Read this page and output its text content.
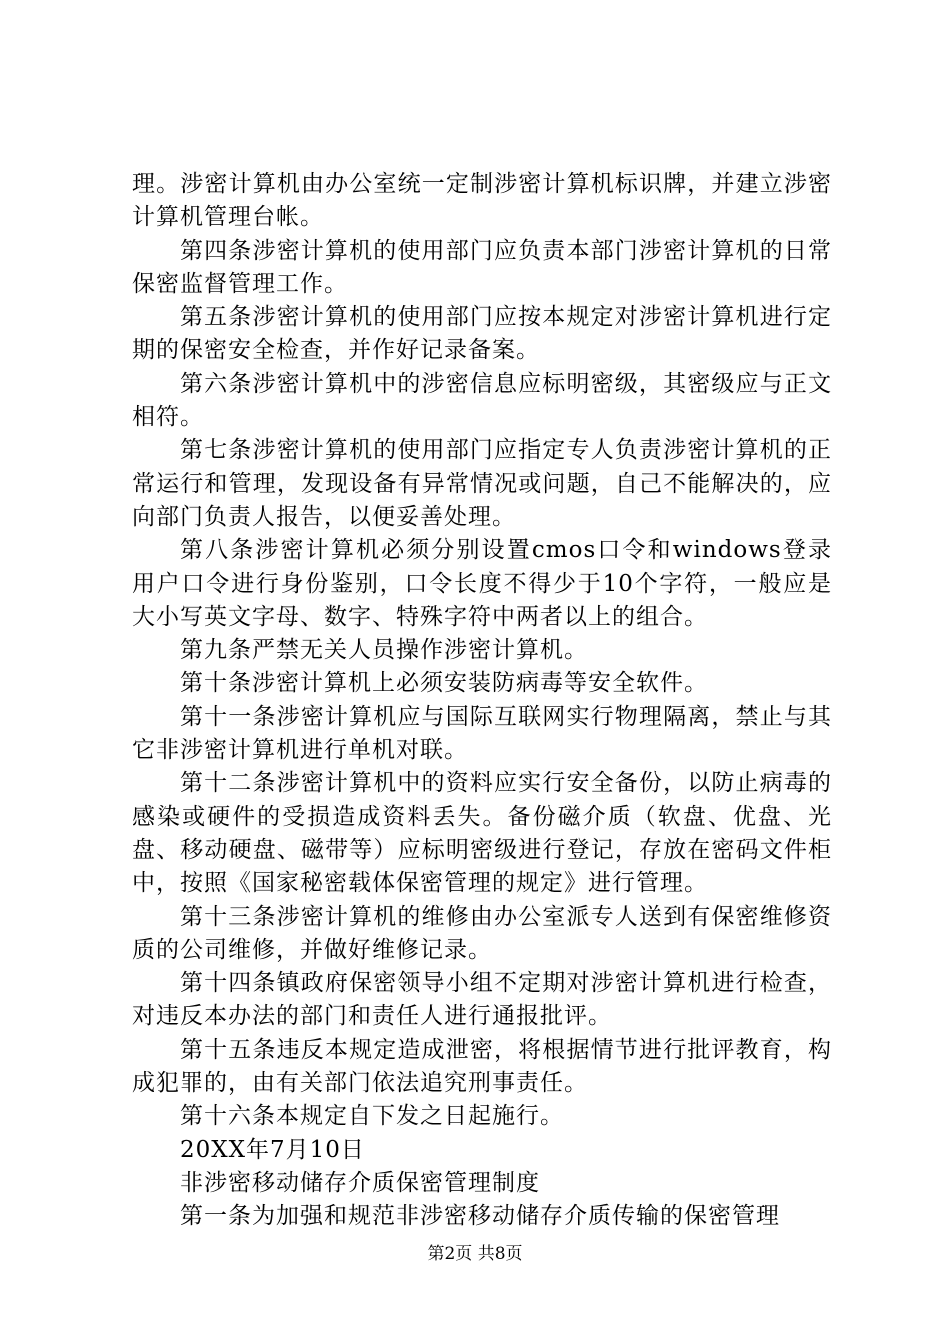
理。涉密计算机由办公室统一定制涉密计算机标识牌，并建立涉密计算机管理台帐。

第四条涉密计算机的使用部门应负责本部门涉密计算机的日常保密监督管理工作。

第五条涉密计算机的使用部门应按本规定对涉密计算机进行定期的保密安全检查，并作好记录备案。

第六条涉密计算机中的涉密信息应标明密级，其密级应与正文相符。

第七条涉密计算机的使用部门应指定专人负责涉密计算机的正常运行和管理，发现设备有异常情况或问题，自己不能解决的，应向部门负责人报告，以便妥善处理。

第八条涉密计算机必须分别设置cmos口令和windows登录用户口令进行身份鉴别，口令长度不得少于10个字符，一般应是大小写英文字母、数字、特殊字符中两者以上的组合。

第九条严禁无关人员操作涉密计算机。

第十条涉密计算机上必须安装防病毒等安全软件。

第十一条涉密计算机应与国际互联网实行物理隔离，禁止与其它非涉密计算机进行单机对联。

第十二条涉密计算机中的资料应实行安全备份，以防止病毒的感染或硬件的受损造成资料丢失。备份磁介质（软盘、优盘、光盘、移动硬盘、磁带等）应标明密级进行登记，存放在密码文件柜中，按照《国家秘密载体保密管理的规定》进行管理。

第十三条涉密计算机的维修由办公室派专人送到有保密维修资质的公司维修，并做好维修记录。

第十四条镇政府保密领导小组不定期对涉密计算机进行检查，对违反本办法的部门和责任人进行通报批评。

第十五条违反本规定造成泄密，将根据情节进行批评教育，构成犯罪的，由有关部门依法追究刑事责任。

第十六条本规定自下发之日起施行。

20XX年7月10日

非涉密移动储存介质保密管理制度

第一条为加强和规范非涉密移动储存介质传输的保密管理

第2页 共8页
